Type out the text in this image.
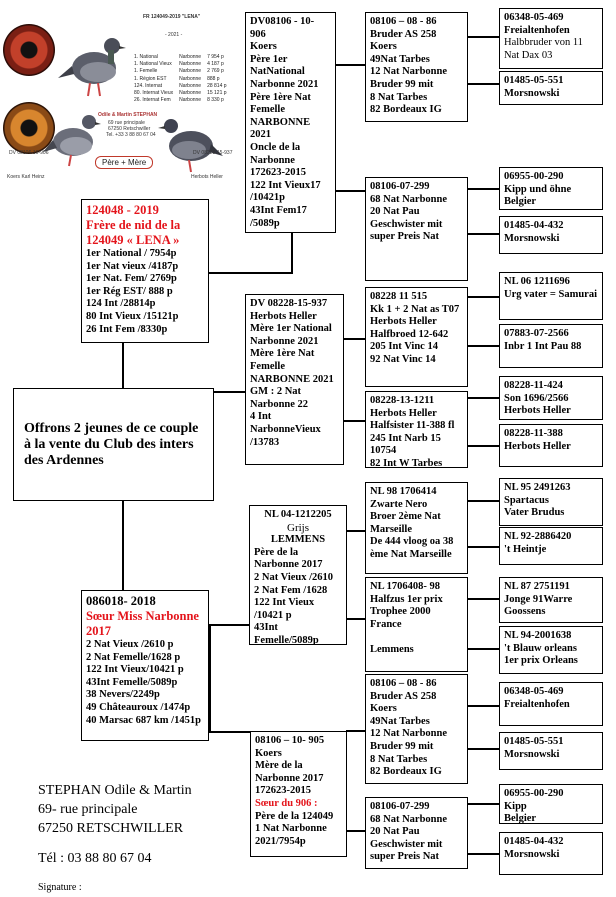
FR 124049-2019 "LENA"
- 2021 -
1. National	Narbonne	7 954 p
1. National Vieux	Narbonne	4 187 p
1. Femelle	Narbonne	2 769 p
1. Région EST	Narbonne	888 p
124. Internat	Narbonne	28 814 p
80. Internat Vieux	Narbonne	15 121 p
26. Internat Fem	Narbonne	8 330 p
Odile & Martin STEPHAN
69 rue principale
67250 Retschwiller
Tel. +33 3 88 80 67 04
DV 08106-10-906	DV 08228-15-937
Père + Mère
Koers Karl Heinz	Herbots Heller
124048 - 2019
Frère de nid de la 124049 « LENA »
1er National / 7954p
1er Nat vieux /4187p
1er Nat. Fem/ 2769p
1er Rég EST/ 888 p
124 Int /28814p
80 Int Vieux /15121p
26 Int Fem /8330p
Offrons 2 jeunes de ce couple à la vente du Club des inters des Ardennes
086018- 2018
Sœur Miss Narbonne 2017
2 Nat Vieux /2610 p
2 Nat Femelle/1628 p
122 Int Vieux/10421 p
43Int Femelle/5089p
38 Nevers/2249p
49 Châteauroux /1474p
40 Marsac 687 km /1451p
DV08106 - 10- 906
Koers
Père 1er NatNational Narbonne 2021
Père 1ère Nat Femelle NARBONNE 2021
Oncle de la Narbonne 172623-2015
122 Int Vieux17 /10421p
43Int Fem17 /5089p
DV 08228-15-937
Herbots Heller
Mère 1er National Narbonne 2021
Mère 1ère Nat Femelle NARBONNE 2021
GM : 2 Nat Narbonne 22
4 Int NarbonneVieux /13783
08106 – 08 - 86
Bruder AS 258
Koers
49Nat Tarbes
12 Nat Narbonne
Bruder 99 mit
8 Nat Tarbes
82 Bordeaux IG
08106-07-299
68 Nat Narbonne
20 Nat Pau
Geschwister mit super Preis Nat
08228 11 515
Kk 1 + 2 Nat as T07
Herbots Heller
Halfbroed 12-642
205 Int Vinc 14
92 Nat Vinc 14
08228-13-1211
Herbots Heller
Halfsister 11-388 fl
245 Int Narb 15
10754
82 Int W Tarbes
06348-05-469
Freialtenhofen
Halbbruder von 11 Nat Dax 03
01485-05-551
Morsnowski
06955-00-290
Kipp und öhne
Belgier
01485-04-432
Morsnowski
NL 06 1211696
Urg vater = Samurai
07883-07-2566
Inbr 1 Int Pau 88
08228-11-424
Son 1696/2566
Herbots Heller
08228-11-388
Herbots Heller
NL 04-1212205
Grijs
LEMMENS
Père de la Narbonne 2017
2 Nat Vieux /2610
2 Nat Fem /1628
122 Int Vieux /10421 p
43Int Femelle/5089p
08106 – 10- 905
Koers
Mère de la Narbonne 2017
172623-2015
Sœur du 906 :
Père de la 124049
1 Nat Narbonne 2021/7954p
NL 98 1706414
Zwarte Nero
Broer 2ème Nat Marseille
De 444 vloog oa 38 ème Nat Marseille
NL 1706408- 98
Halfzus 1er prix Trophee 2000
France

Lemmens
08106 – 08 - 86
Bruder AS 258
Koers
49Nat Tarbes
12 Nat Narbonne
Bruder 99 mit
8 Nat Tarbes
82 Bordeaux IG
08106-07-299
68 Nat Narbonne
20 Nat Pau
Geschwister mit super Preis Nat
NL 95 2491263
Spartacus
Vater Brudus
NL 92-2886420
't Heintje
NL 87 2751191
Jonge 91Warre
Goossens
NL 94-2001638
't Blauw orleans
1er prix Orleans
06348-05-469
Freialtenhofen
01485-05-551
Morsnowski
06955-00-290
Kipp
Belgier
01485-04-432
Morsnowski
STEPHAN Odile & Martin
69- rue principale
67250 RETSCHWILLER
Tél : 03 88 80 67 04
Signature :
